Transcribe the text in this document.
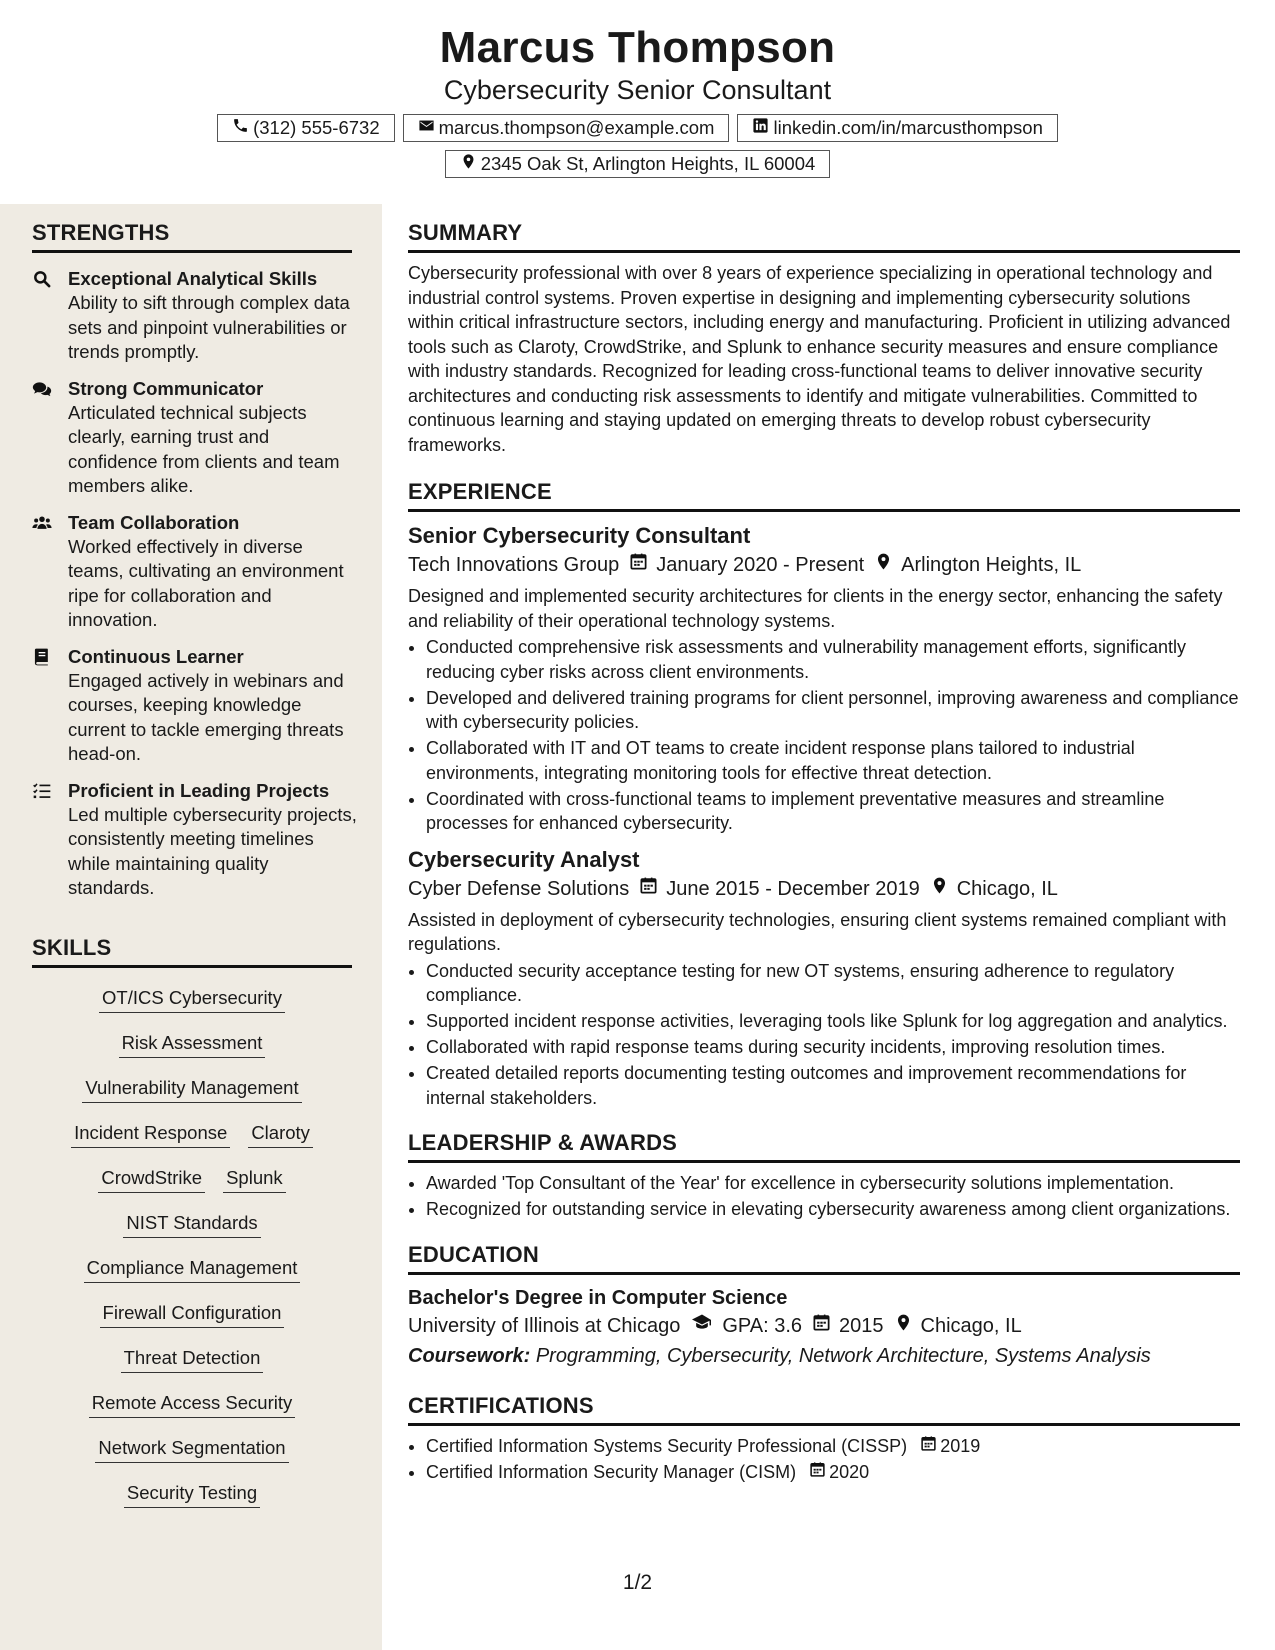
Marcus Thompson
Cybersecurity Senior Consultant
(312) 555-6732	marcus.thompson@example.com	linkedin.com/in/marcusthompson
2345 Oak St, Arlington Heights, IL 60004
STRENGTHS
Exceptional Analytical Skills
Ability to sift through complex data sets and pinpoint vulnerabilities or trends promptly.
Strong Communicator
Articulated technical subjects clearly, earning trust and confidence from clients and team members alike.
Team Collaboration
Worked effectively in diverse teams, cultivating an environment ripe for collaboration and innovation.
Continuous Learner
Engaged actively in webinars and courses, keeping knowledge current to tackle emerging threats head-on.
Proficient in Leading Projects
Led multiple cybersecurity projects, consistently meeting timelines while maintaining quality standards.
SKILLS
OT/ICS Cybersecurity
Risk Assessment
Vulnerability Management
Incident Response Claroty
CrowdStrike Splunk
NIST Standards
Compliance Management
Firewall Configuration
Threat Detection
Remote Access Security
Network Segmentation
Security Testing
SUMMARY

Cybersecurity professional with over 8 years of experience specializing in operational technology and industrial control systems. Proven expertise in designing and implementing cybersecurity solutions within critical infrastructure sectors, including energy and manufacturing. Proficient in utilizing advanced tools such as Claroty, CrowdStrike, and Splunk to enhance security measures and ensure compliance with industry standards. Recognized for leading cross-functional teams to deliver innovative security architectures and conducting risk assessments to identify and mitigate vulnerabilities. Committed to continuous learning and staying updated on emerging threats to develop robust cybersecurity frameworks.

EXPERIENCE
Senior Cybersecurity Consultant
Tech Innovations Group January 2020 - Present Arlington Heights, IL

Designed and implemented security architectures for clients in the energy sector, enhancing the safety and reliability of their operational technology systems.

• Conducted comprehensive risk assessments and vulnerability management efforts, significantly reducing cyber risks across client environments.
• Developed and delivered training programs for client personnel, improving awareness and compliance with cybersecurity policies.
• Collaborated with IT and OT teams to create incident response plans tailored to industrial environments, integrating monitoring tools for effective threat detection.
• Coordinated with cross-functional teams to implement preventative measures and streamline processes for enhanced cybersecurity.
Cybersecurity Analyst
Cyber Defense Solutions June 2015 - December 2019 Chicago, IL

Assisted in deployment of cybersecurity technologies, ensuring client systems remained compliant with regulations.

• Conducted security acceptance testing for new OT systems, ensuring adherence to regulatory compliance.
• Supported incident response activities, leveraging tools like Splunk for log aggregation and analytics.
• Collaborated with rapid response teams during security incidents, improving resolution times.
• Created detailed reports documenting testing outcomes and improvement recommendations for internal stakeholders.
LEADERSHIP & AWARDS
• Awarded 'Top Consultant of the Year' for excellence in cybersecurity solutions implementation.
• Recognized for outstanding service in elevating cybersecurity awareness among client organizations.
EDUCATION
Bachelor's Degree in Computer Science
University of Illinois at Chicago GPA: 3.6 2015 Chicago, IL
Coursework: Programming, Cybersecurity, Network Architecture, Systems Analysis
CERTIFICATIONS
• Certified Information Systems Security Professional (CISSP) 2019
• Certified Information Security Manager (CISM) 2020
1/2
